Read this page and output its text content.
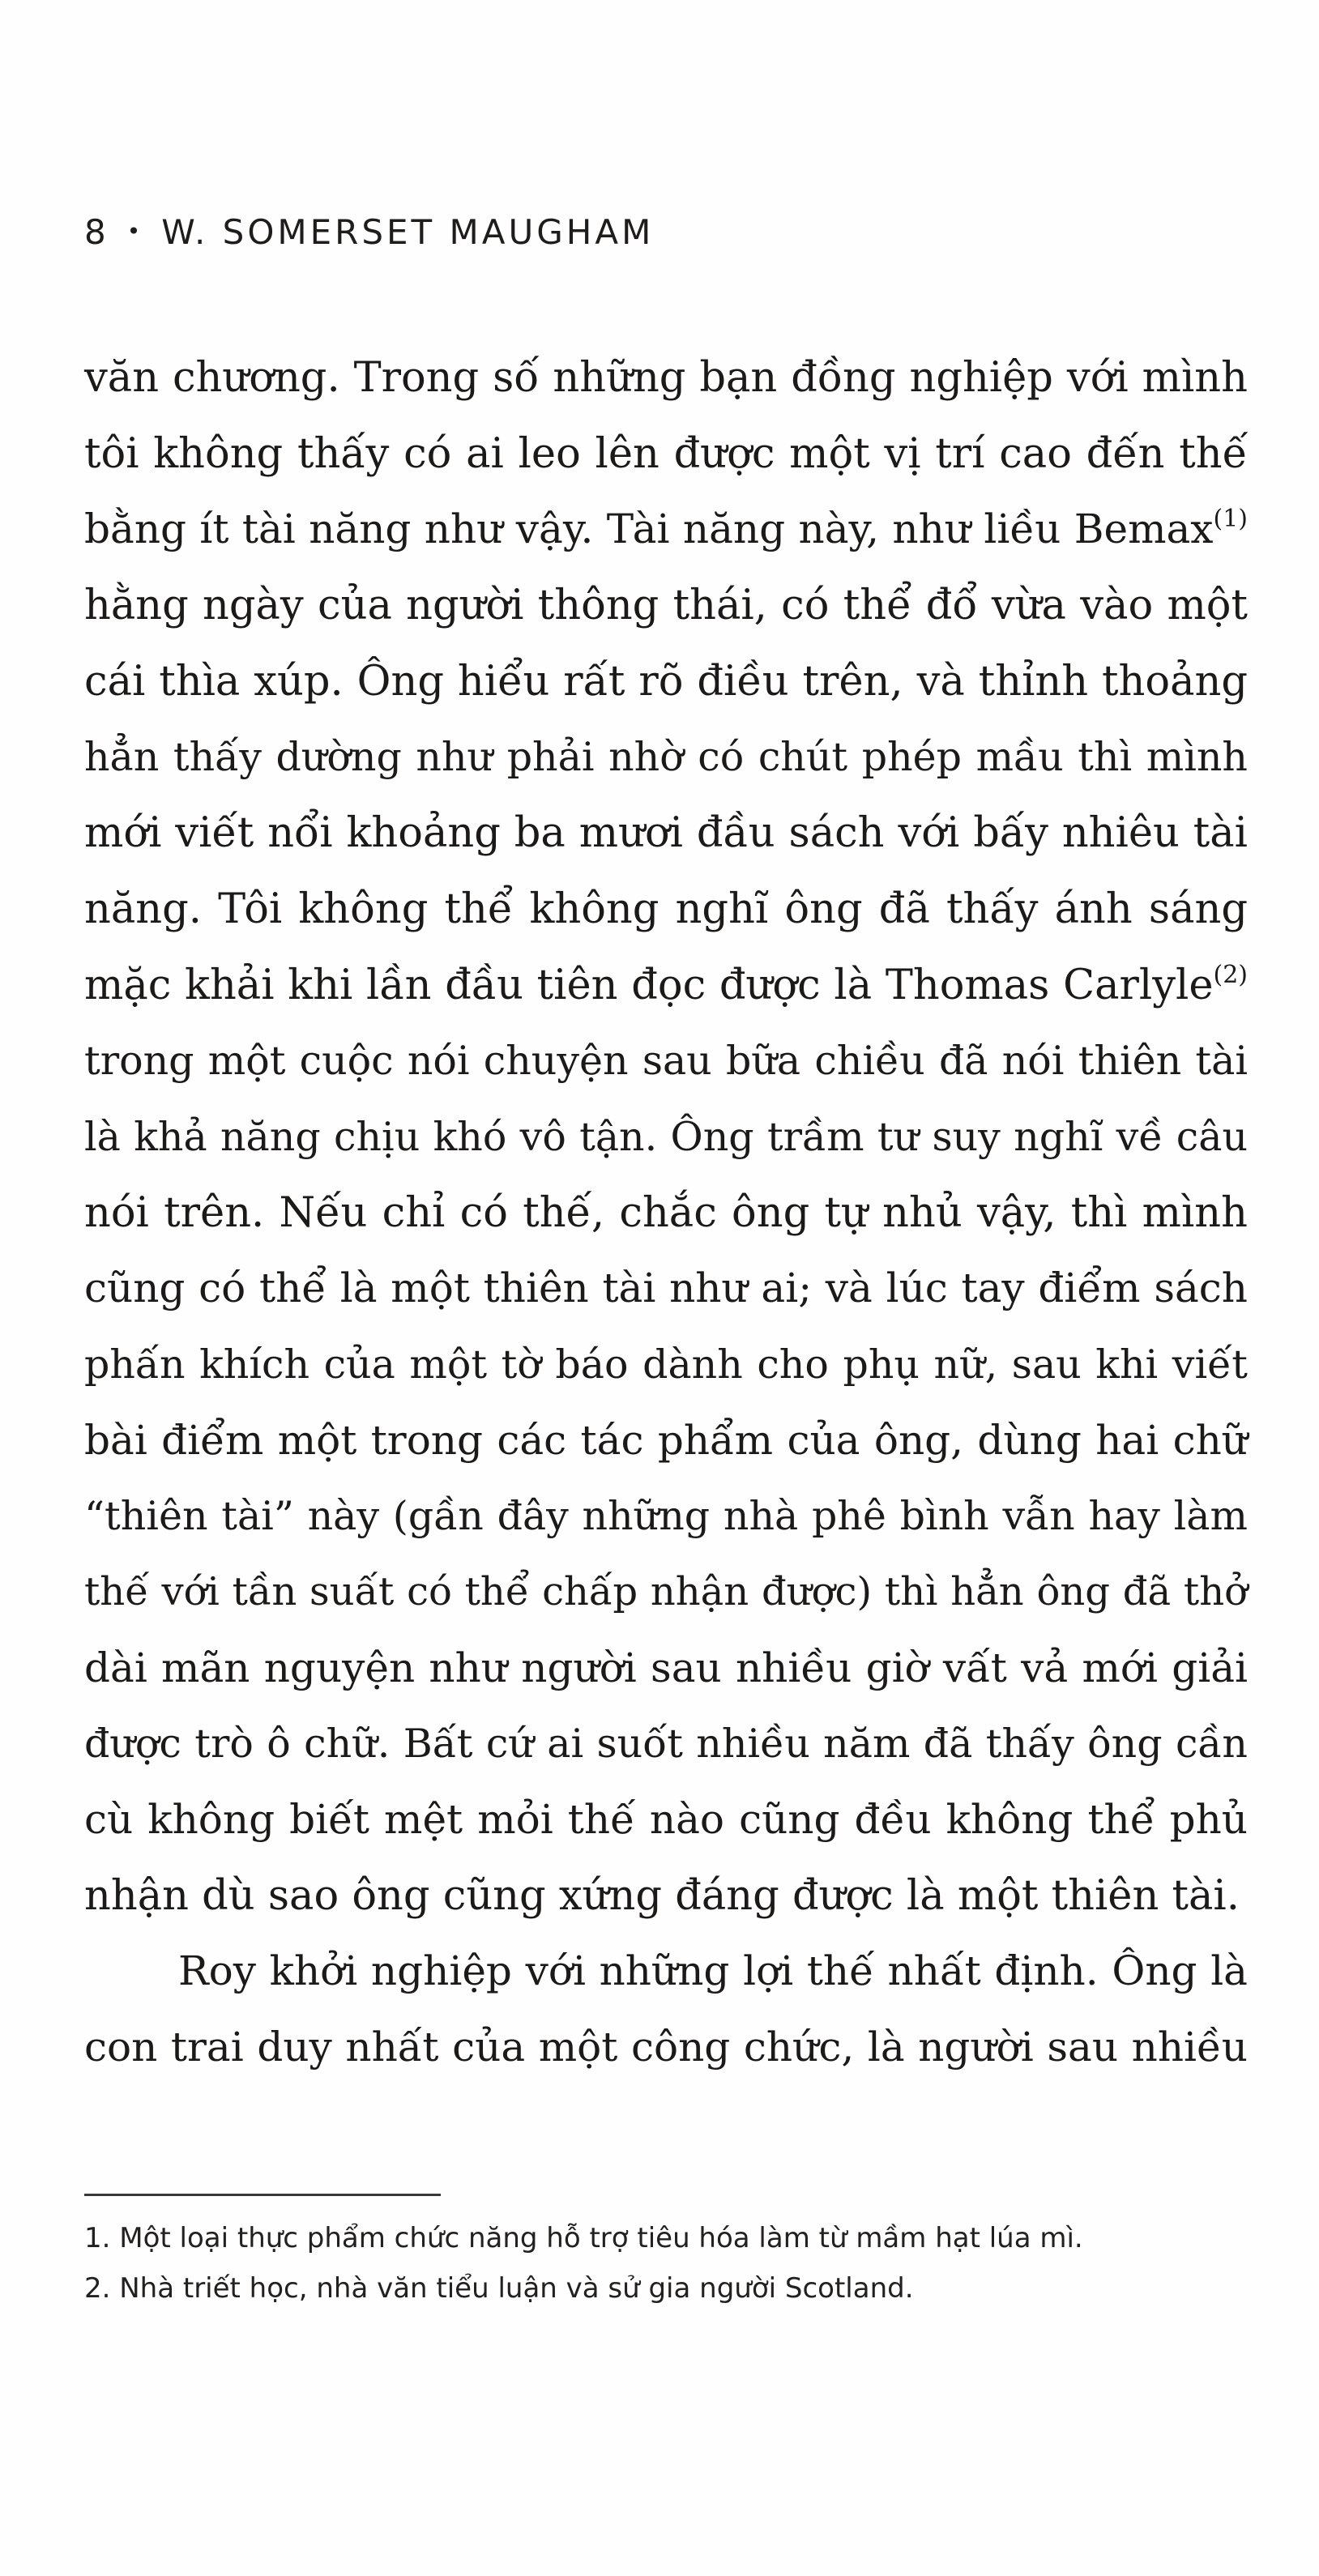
8 • W. SOMERSET MAUGHAM
văn chương. Trong số những bạn đồng nghiệp với mình
tôi không thấy có ai leo lên được một vị trí cao đến thế
bằng ít tài năng như vậy. Tài năng này, như liều Bemax$^{(1)}$
hằng ngày của người thông thái, có thể đổ vừa vào một
cái thìa xúp. Ông hiểu rất rõ điều trên, và thỉnh thoảng
hẳn thấy dường như phải nhờ có chút phép mầu thì mình
mới viết nổi khoảng ba mươi đầu sách với bấy nhiêu tài
năng. Tôi không thể không nghĩ ông đã thấy ánh sáng
mặc khải khi lần đầu tiên đọc được là Thomas Carlyle$^{(2)}$
trong một cuộc nói chuyện sau bữa chiều đã nói thiên tài
là khả năng chịu khó vô tận. Ông trầm tư suy nghĩ về câu
nói trên. Nếu chỉ có thế, chắc ông tự nhủ vậy, thì mình
cũng có thể là một thiên tài như ai; và lúc tay điểm sách
phấn khích của một tờ báo dành cho phụ nữ, sau khi viết
bài điểm một trong các tác phẩm của ông, dùng hai chữ
“thiên tài” này (gần đây những nhà phê bình vẫn hay làm
thế với tần suất có thể chấp nhận được) thì hẳn ông đã thở
dài mãn nguyện như người sau nhiều giờ vất vả mới giải
được trò ô chữ. Bất cứ ai suốt nhiều năm đã thấy ông cần
cù không biết mệt mỏi thế nào cũng đều không thể phủ
nhận dù sao ông cũng xứng đáng được là một thiên tài.
Roy khởi nghiệp với những lợi thế nhất định. Ông là
con trai duy nhất của một công chức, là người sau nhiều
1. Một loại thực phẩm chức năng hỗ trợ tiêu hóa làm từ mầm hạt lúa mì.
2. Nhà triết học, nhà văn tiểu luận và sử gia người Scotland.
